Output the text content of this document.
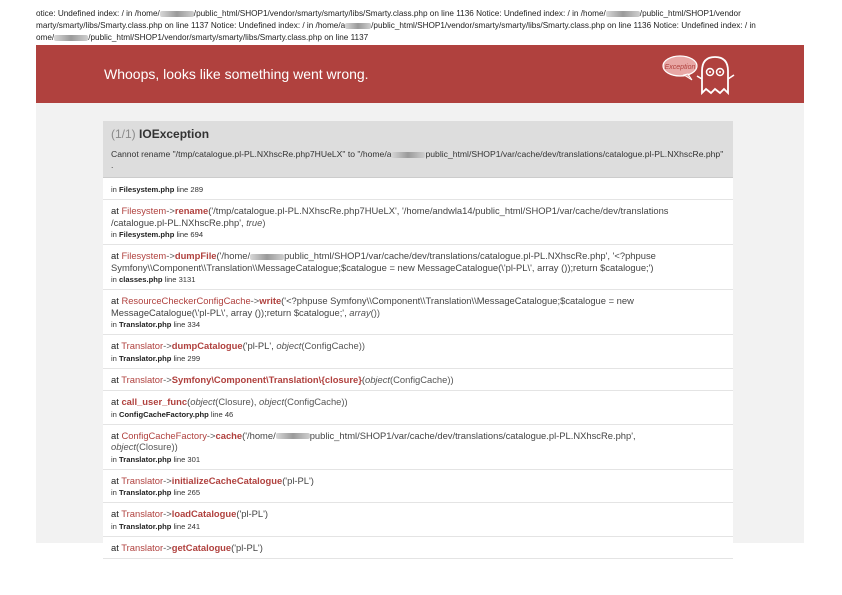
otice: Undefined index: / in /home/	/public_html/SHOP1/vendor/smarty/smarty/libs/Smarty.class.php on line 1136 Notice: Undefined index: / in /home/	/public_html/SHOP1/vendor
marty/smarty/libs/Smarty.class.php on line 1137 Notice: Undefined index: / in /home/a	/public_html/SHOP1/vendor/smarty/smarty/libs/Smarty.class.php on line 1136 Notice: Undefined index: / in
ome/	/public_html/SHOP1/vendor/smarty/smarty/libs/Smarty.class.php on line 1137
Whoops, looks like something went wrong.	Exception
(1/1) IOException
Cannot rename "/tmp/catalogue.pl-PL.NXhscRe.php7HUeLX" to "/home/a	public_html/SHOP1/var/cache/dev/translations/catalogue.pl-PL.NXhscRe.php"
.
in Filesystem.php line 289
at Filesystem->rename('/tmp/catalogue.pl-PL.NXhscRe.php7HUeLX', '/home/andwla14/public_html/SHOP1/var/cache/dev/translations
/catalogue.pl-PL.NXhscRe.php', true)
in Filesystem.php line 694
at Filesystem->dumpFile('/home/	public_html/SHOP1/var/cache/dev/translations/catalogue.pl-PL.NXhscRe.php', '<?phpuse
Symfony\\Component\\Translation\\MessageCatalogue;$catalogue = new MessageCatalogue(\'pl-PL\', array ());return $catalogue;')
in classes.php line 3131
at ResourceCheckerConfigCache->write('<?phpuse Symfony\\Component\\Translation\\MessageCatalogue;$catalogue = new
MessageCatalogue(\'pl-PL\', array ());return $catalogue;', array())
in Translator.php line 334
at Translator->dumpCatalogue('pl-PL', object(ConfigCache))
in Translator.php line 299
at Translator->Symfony\Component\Translation\{closure}(object(ConfigCache))
at call_user_func(object(Closure), object(ConfigCache))
in ConfigCacheFactory.php line 46
at ConfigCacheFactory->cache('/home/	public_html/SHOP1/var/cache/dev/translations/catalogue.pl-PL.NXhscRe.php',
object(Closure))
in Translator.php line 301
at Translator->initializeCacheCatalogue('pl-PL')
in Translator.php line 265
at Translator->loadCatalogue('pl-PL')
in Translator.php line 241
at Translator->getCatalogue('pl-PL')
